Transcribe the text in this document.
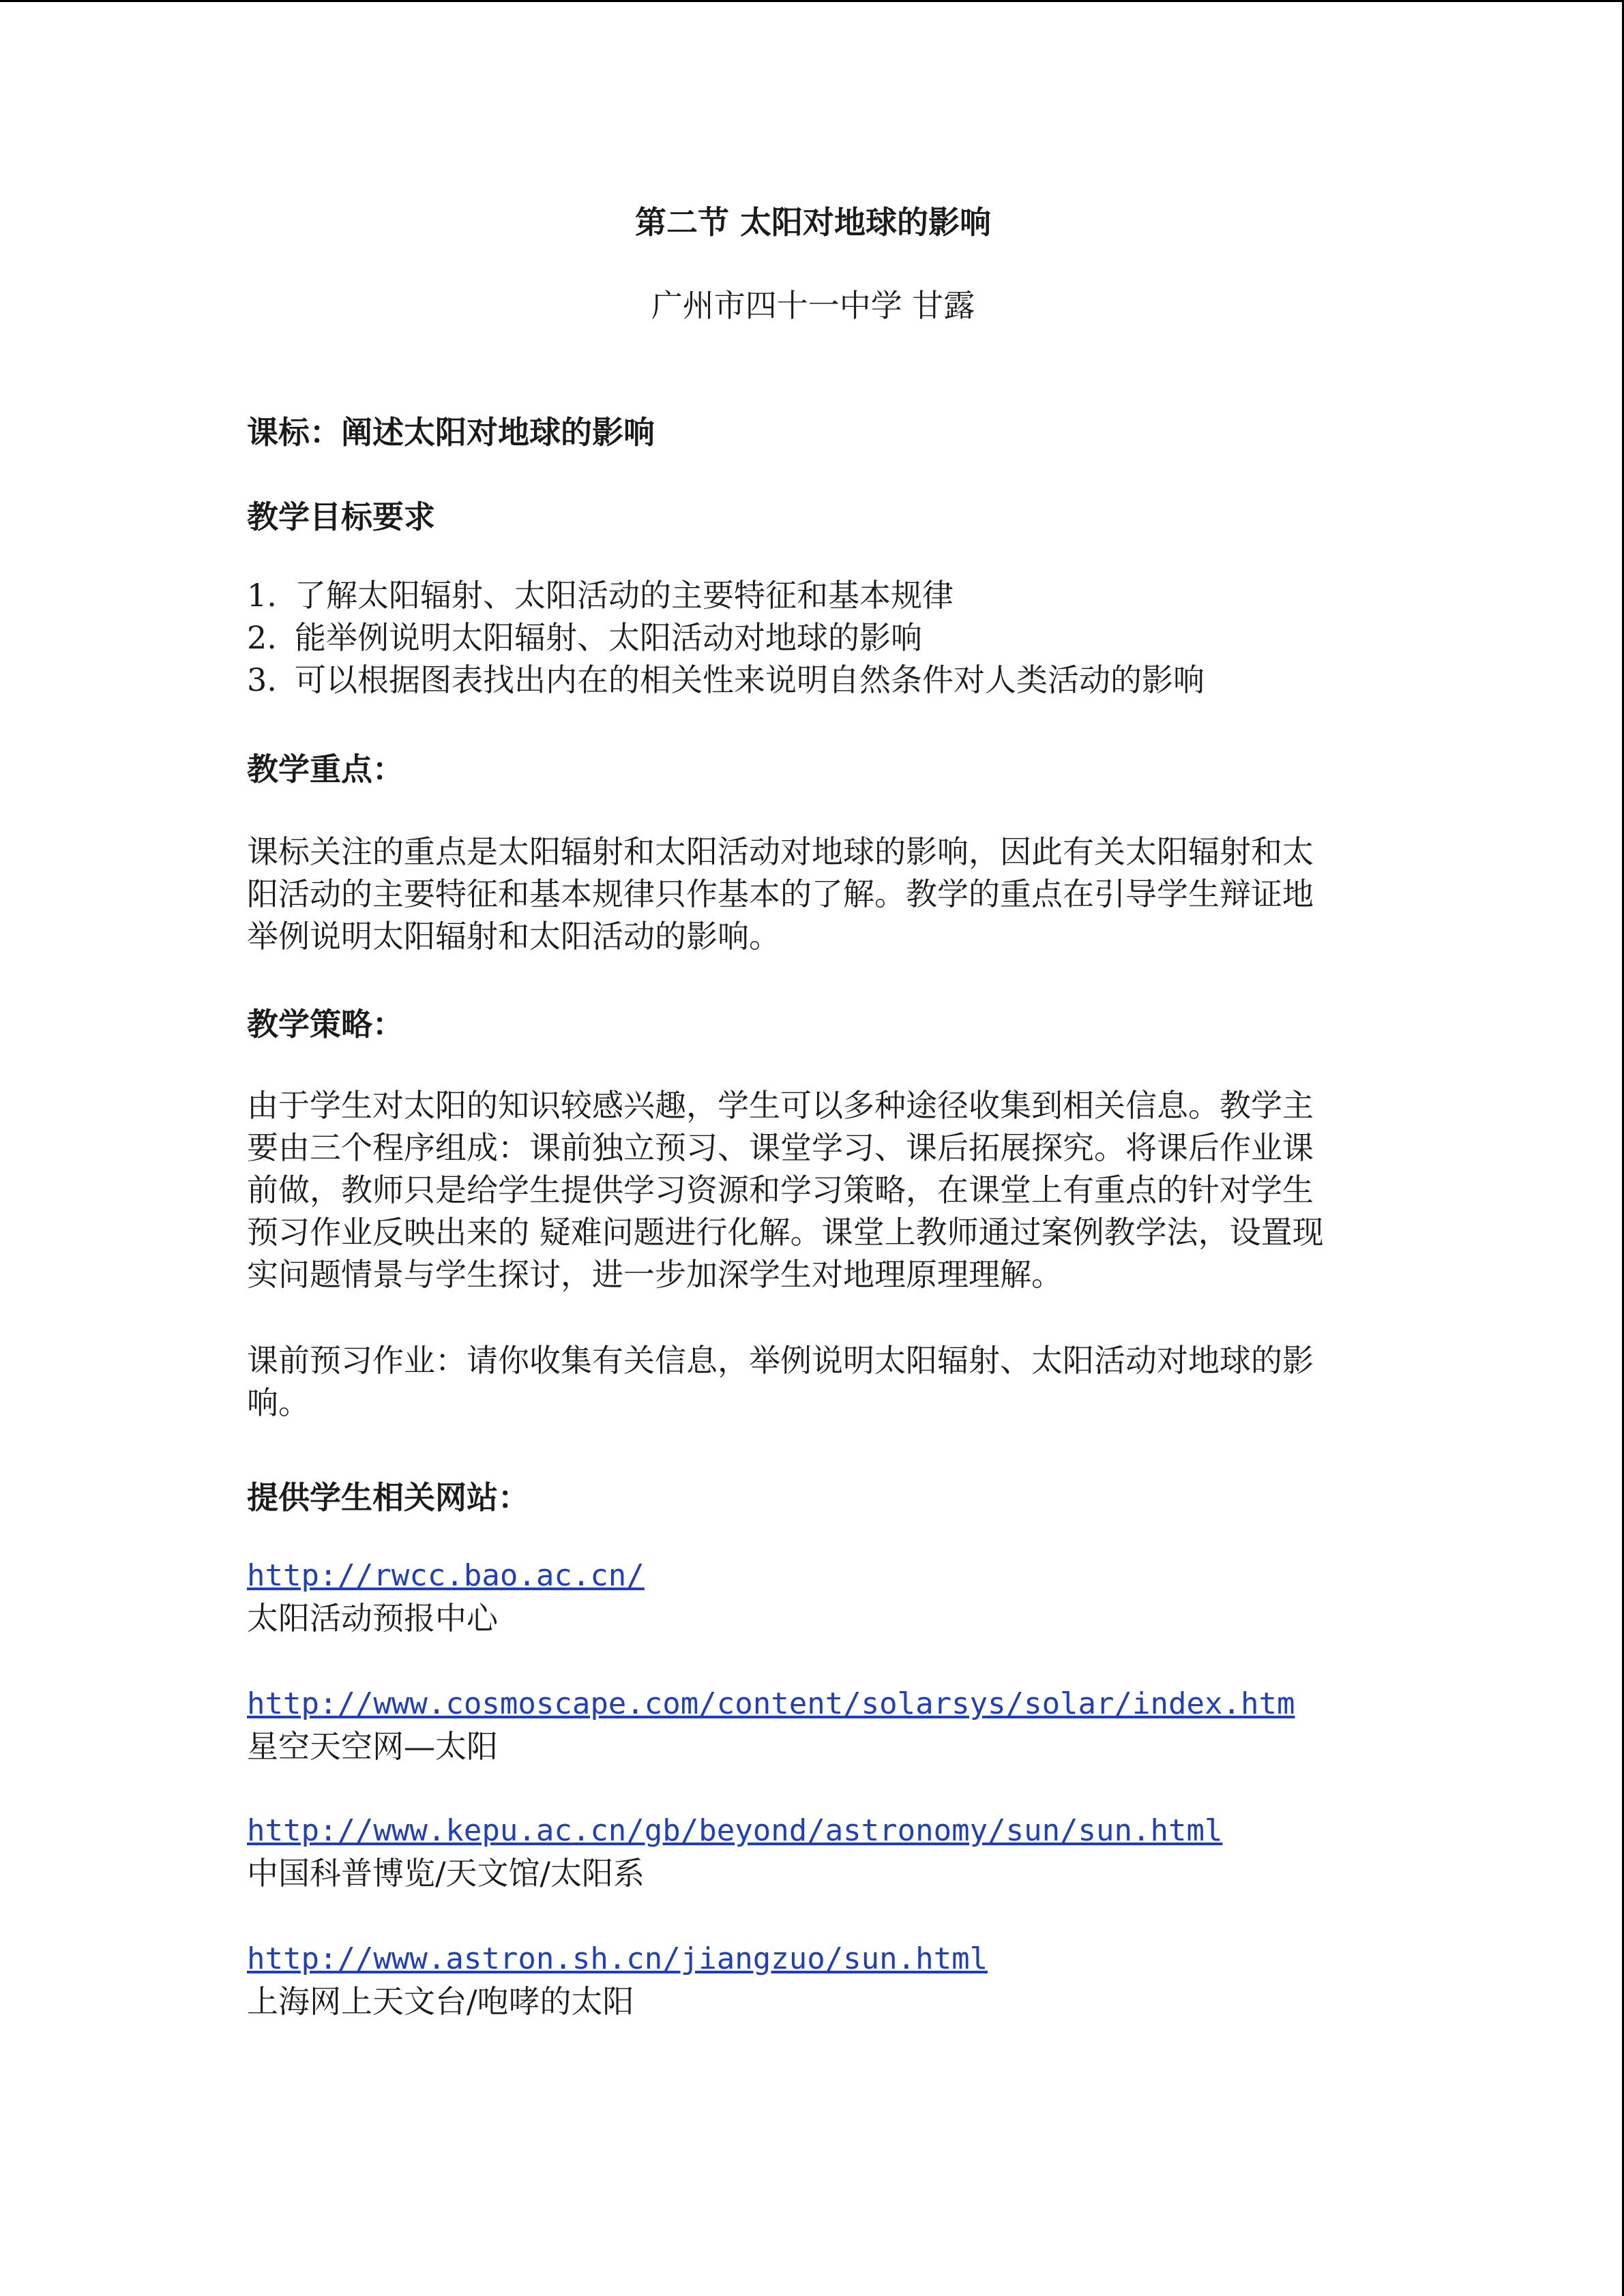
第二节 太阳对地球的影响
广州市四十一中学 甘露
课标：阐述太阳对地球的影响
教学目标要求
1. 了解太阳辐射、太阳活动的主要特征和基本规律
2. 能举例说明太阳辐射、太阳活动对地球的影响
3. 可以根据图表找出内在的相关性来说明自然条件对人类活动的影响
教学重点：
课标关注的重点是太阳辐射和太阳活动对地球的影响，因此有关太阳辐射和太
阳活动的主要特征和基本规律只作基本的了解。教学的重点在引导学生辩证地
举例说明太阳辐射和太阳活动的影响。
教学策略：
由于学生对太阳的知识较感兴趣，学生可以多种途径收集到相关信息。教学主
要由三个程序组成：课前独立预习、课堂学习、课后拓展探究。将课后作业课
前做，教师只是给学生提供学习资源和学习策略，在课堂上有重点的针对学生
预习作业反映出来的 疑难问题进行化解。课堂上教师通过案例教学法，设置现
实问题情景与学生探讨，进一步加深学生对地理原理理解。
课前预习作业：请你收集有关信息，举例说明太阳辐射、太阳活动对地球的影
响。
提供学生相关网站：
http://rwcc.bao.ac.cn/
太阳活动预报中心
http://www.cosmoscape.com/content/solarsys/solar/index.htm
星空天空网—太阳
http://www.kepu.ac.cn/gb/beyond/astronomy/sun/sun.html
中国科普博览/天文馆/太阳系
http://www.astron.sh.cn/jiangzuo/sun.html
上海网上天文台/咆哮的太阳
